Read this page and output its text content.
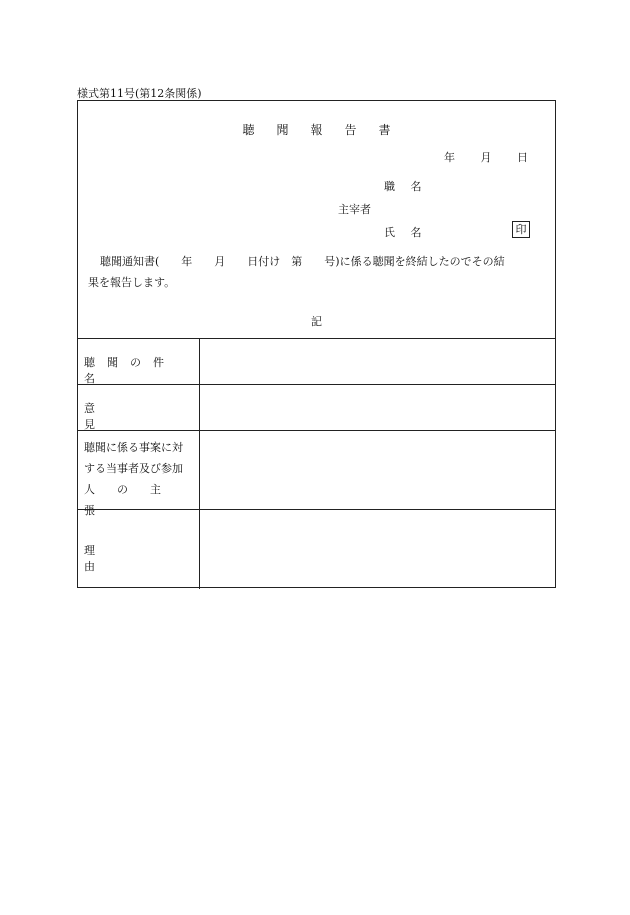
様式第11号(第12条関係)
聴聞報告書
年 月 日
職 名
主宰者
氏 名	印
聴聞通知書(　　年　　月　　日付け　第　　号)に係る聴聞を終結したのでその結
果を報告します。
記
聴聞の件名
意見
聴聞に係る事案に対
する当事者及び参加
人の主張
理由
